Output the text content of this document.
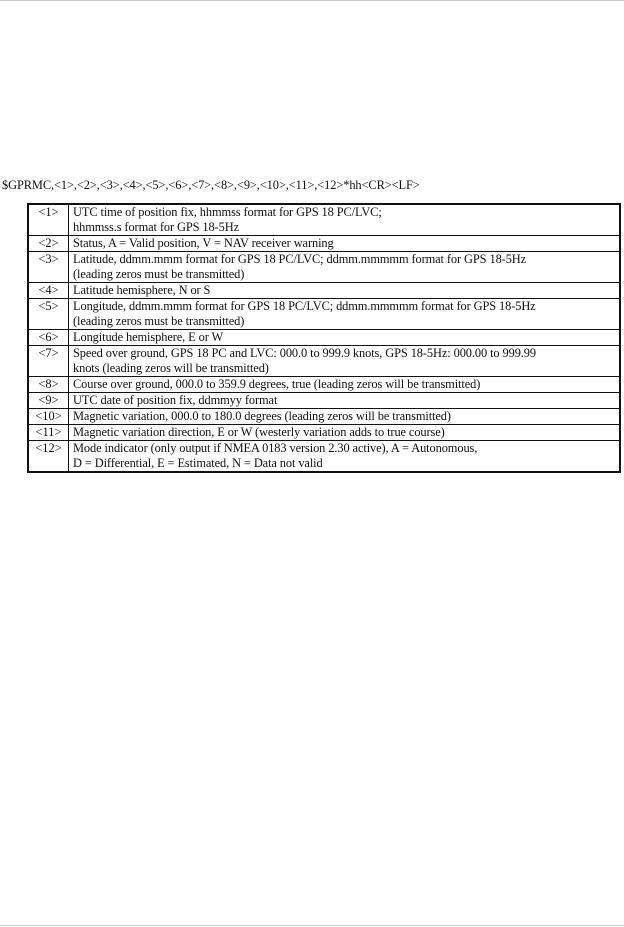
$GPRMC,<1>,<2>,<3>,<4>,<5>,<6>,<7>,<8>,<9>,<10>,<11>,<12>*hh<CR><LF>
<1>	UTC time of position fix, hhmmss format for GPS 18 PC/LVC;
hhmmss.s format for GPS 18-5Hz

<2>	Status, A = Valid position, V = NAV receiver warning

<3>	Latitude, ddmm.mmm format for GPS 18 PC/LVC; ddmm.mmmmm format for GPS 18-5Hz
(leading zeros must be transmitted)

<4>	Latitude hemisphere, N or S

<5>	Longitude, ddmm.mmm format for GPS 18 PC/LVC; ddmm.mmmmm format for GPS 18-5Hz
(leading zeros must be transmitted)

<6>	Longitude hemisphere, E or W

<7>	Speed over ground, GPS 18 PC and LVC: 000.0 to 999.9 knots, GPS 18-5Hz: 000.00 to 999.99
knots (leading zeros will be transmitted)

<8>	Course over ground, 000.0 to 359.9 degrees, true (leading zeros will be transmitted)

<9>	UTC date of position fix, ddmmyy format

<10>	Magnetic variation, 000.0 to 180.0 degrees (leading zeros will be transmitted)

<11>	Magnetic variation direction, E or W (westerly variation adds to true course)

<12>	Mode indicator (only output if NMEA 0183 version 2.30 active), A = Autonomous,
D = Differential, E = Estimated, N = Data not valid
